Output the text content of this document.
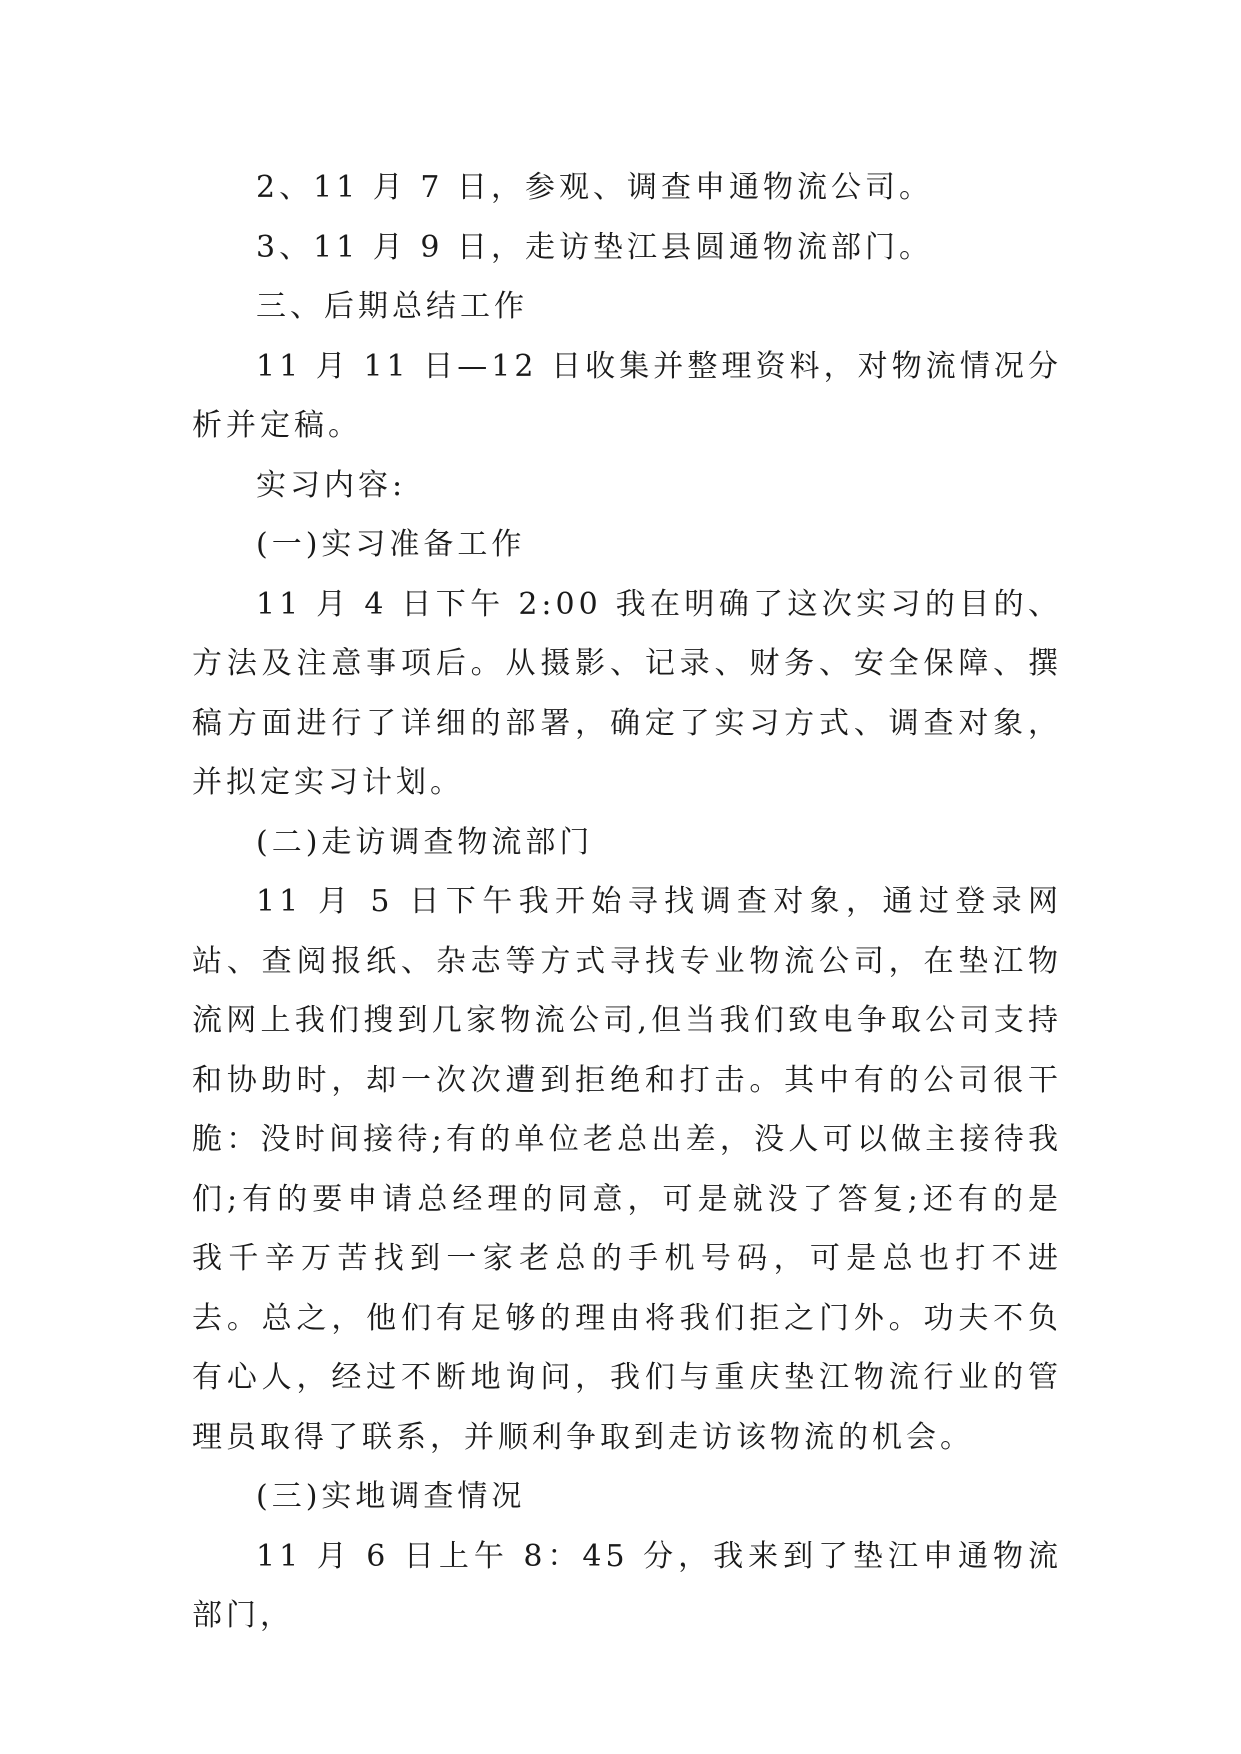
2、11 月 7 日，参观、调查申通物流公司。

3、11 月 9 日，走访垫江县圆通物流部门。

三、后期总结工作

11 月 11 日—12 日收集并整理资料，对物流情况分析并定稿。

实习内容:

(一)实习准备工作

11 月 4 日下午 2:00 我在明确了这次实习的目的、方法及注意事项后。从摄影、记录、财务、安全保障、撰稿方面进行了详细的部署，确定了实习方式、调查对象，并拟定实习计划。

(二)走访调查物流部门

11 月 5 日下午我开始寻找调查对象，通过登录网站、查阅报纸、杂志等方式寻找专业物流公司，在垫江物流网上我们搜到几家物流公司,但当我们致电争取公司支持和协助时，却一次次遭到拒绝和打击。其中有的公司很干脆：没时间接待;有的单位老总出差，没人可以做主接待我们;有的要申请总经理的同意，可是就没了答复;还有的是我千辛万苦找到一家老总的手机号码，可是总也打不进去。总之，他们有足够的理由将我们拒之门外。功夫不负有心人，经过不断地询问，我们与重庆垫江物流行业的管理员取得了联系，并顺利争取到走访该物流的机会。

(三)实地调查情况

11 月 6 日上午 8：45 分，我来到了垫江申通物流部门，
